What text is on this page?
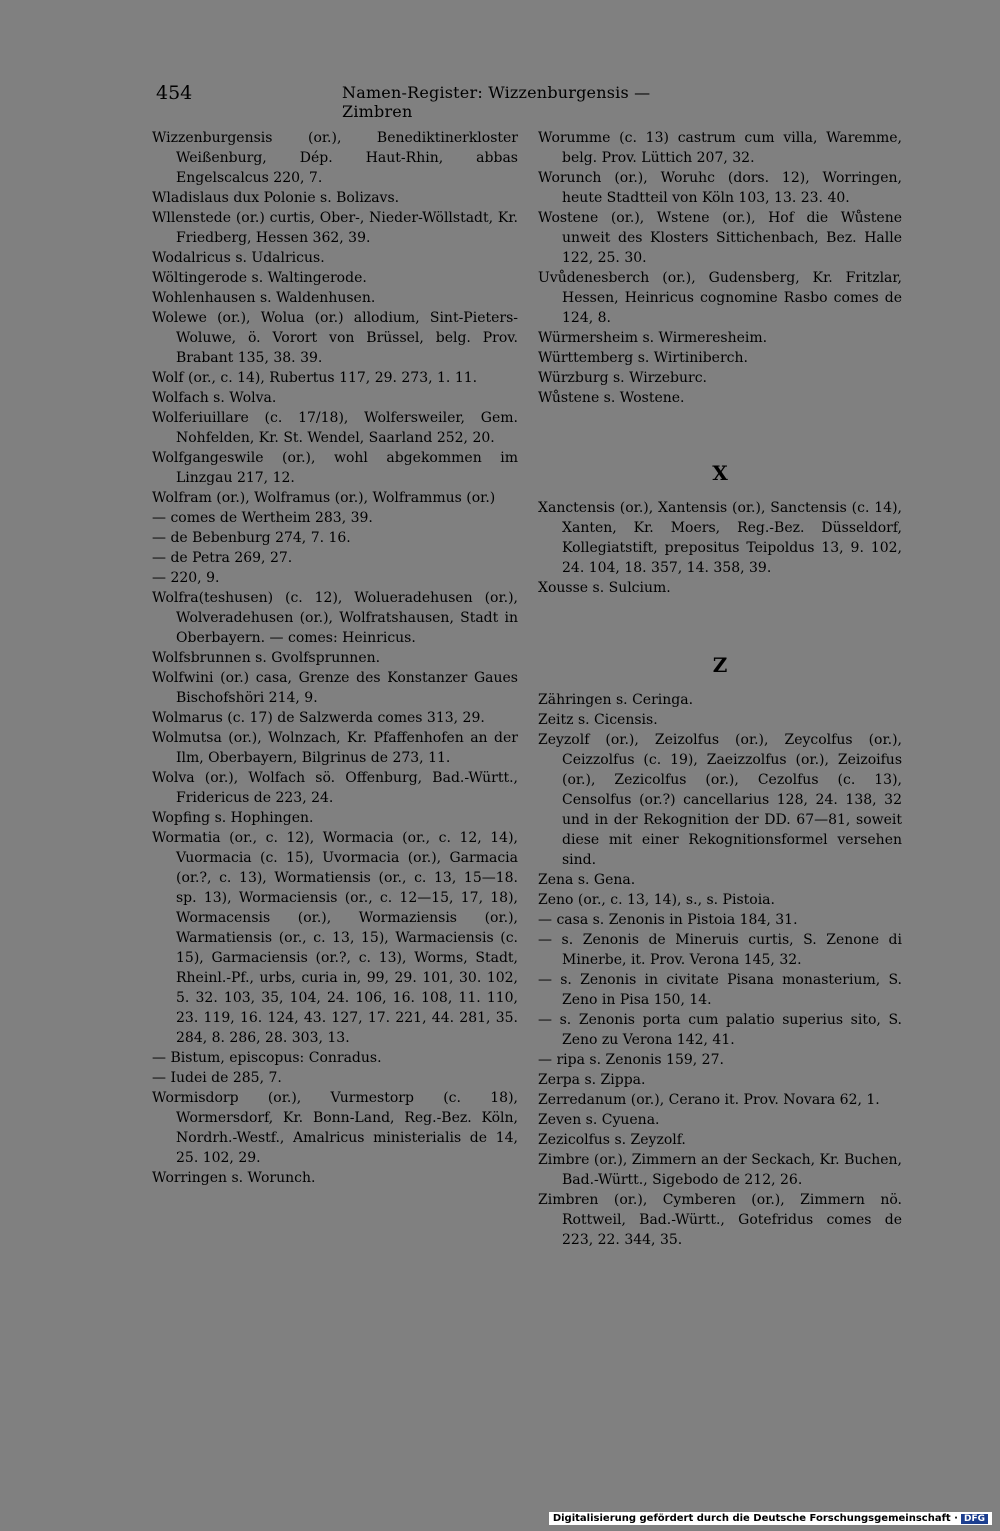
454	Namen-Register: Wizzenburgensis — Zimbren

Wizzenburgensis (or.), Benediktinerkloster Weißenburg, Dép. Haut-Rhin, abbas Engelscalcus 220, 7.

Wladislaus dux Polonie s. Bolizavs.

Wllenstede (or.) curtis, Ober-, Nieder-Wöllstadt, Kr. Friedberg, Hessen 362, 39.

Wodalricus s. Udalricus.

Wöltingerode s. Waltingerode.

Wohlenhausen s. Waldenhusen.

Wolewe (or.), Wolua (or.) allodium, Sint-Pieters-Woluwe, ö. Vorort von Brüssel, belg. Prov. Brabant 135, 38. 39.

Wolf (or., c. 14), Rubertus 117, 29. 273, 1. 11.

Wolfach s. Wolva.

Wolferiuillare (c. 17/18), Wolfersweiler, Gem. Nohfelden, Kr. St. Wendel, Saarland 252, 20.

Wolfgangeswile (or.), wohl abgekommen im Linzgau 217, 12.

Wolfram (or.), Wolframus (or.), Wolframmus (or.)

— comes de Wertheim 283, 39.

— de Bebenburg 274, 7. 16.

— de Petra 269, 27.

— 220, 9.

Wolfra(teshusen) (c. 12), Wolueradehusen (or.), Wolveradehusen (or.), Wolfratshausen, Stadt in Oberbayern. — comes: Heinricus.

Wolfsbrunnen s. Gvolfsprunnen.

Wolfwini (or.) casa, Grenze des Konstanzer Gaues Bischofshöri 214, 9.

Wolmarus (c. 17) de Salzwerda comes 313, 29.

Wolmutsa (or.), Wolnzach, Kr. Pfaffenhofen an der Ilm, Oberbayern, Bilgrinus de 273, 11.

Wolva (or.), Wolfach sö. Offenburg, Bad.-Württ., Fridericus de 223, 24.

Wopfing s. Hophingen.

Wormatia (or., c. 12), Wormacia (or., c. 12, 14), Vuormacia (c. 15), Uvormacia (or.), Garmacia (or.?, c. 13), Wormatiensis (or., c. 13, 15—18. sp. 13), Wormaciensis (or., c. 12—15, 17, 18), Wormacensis (or.), Wormaziensis (or.), Warmatiensis (or., c. 13, 15), Warmaciensis (c. 15), Garmaciensis (or.?, c. 13), Worms, Stadt, Rheinl.-Pf., urbs, curia in, 99, 29. 101, 30. 102, 5. 32. 103, 35, 104, 24. 106, 16. 108, 11. 110, 23. 119, 16. 124, 43. 127, 17. 221, 44. 281, 35. 284, 8. 286, 28. 303, 13.

— Bistum, episcopus: Conradus.

— Iudei de 285, 7.

Wormisdorp (or.), Vurmestorp (c. 18), Wormersdorf, Kr. Bonn-Land, Reg.-Bez. Köln, Nordrh.-Westf., Amalricus ministerialis de 14, 25. 102, 29.

Worringen s. Worunch.

Worumme (c. 13) castrum cum villa, Waremme, belg. Prov. Lüttich 207, 32.

Worunch (or.), Woruhc (dors. 12), Worringen, heute Stadtteil von Köln 103, 13. 23. 40.

Wostene (or.), Wstene (or.), Hof die Wůstene unweit des Klosters Sittichenbach, Bez. Halle 122, 25. 30.

Uvůdenesberch (or.), Gudensberg, Kr. Fritzlar, Hessen, Heinricus cognomine Rasbo comes de 124, 8.

Würmersheim s. Wirmeresheim.

Württemberg s. Wirtiniberch.

Würzburg s. Wirzeburc.

Wůstene s. Wostene.

X

Xanctensis (or.), Xantensis (or.), Sanctensis (c. 14), Xanten, Kr. Moers, Reg.-Bez. Düsseldorf, Kollegiatstift, prepositus Teipoldus 13, 9. 102, 24. 104, 18. 357, 14. 358, 39.

Xousse s. Sulcium.

Z

Zähringen s. Ceringa.

Zeitz s. Cicensis.

Zeyzolf (or.), Zeizolfus (or.), Zeycolfus (or.), Ceizzolfus (c. 19), Zaeizzolfus (or.), Zeizoifus (or.), Zezicolfus (or.), Cezolfus (c. 13), Censolfus (or.?) cancellarius 128, 24. 138, 32 und in der Rekognition der DD. 67—81, soweit diese mit einer Rekognitionsformel versehen sind.

Zena s. Gena.

Zeno (or., c. 13, 14), s., s. Pistoia.

— casa s. Zenonis in Pistoia 184, 31.

— s. Zenonis de Mineruis curtis, S. Zenone di Minerbe, it. Prov. Verona 145, 32.

— s. Zenonis in civitate Pisana monasterium, S. Zeno in Pisa 150, 14.

— s. Zenonis porta cum palatio superius sito, S. Zeno zu Verona 142, 41.

— ripa s. Zenonis 159, 27.

Zerpa s. Zippa.

Zerredanum (or.), Cerano it. Prov. Novara 62, 1.

Zeven s. Cyuena.

Zezicolfus s. Zeyzolf.

Zimbre (or.), Zimmern an der Seckach, Kr. Buchen, Bad.-Württ., Sigebodo de 212, 26.

Zimbren (or.), Cymberen (or.), Zimmern nö. Rottweil, Bad.-Württ., Gotefridus comes de 223, 22. 344, 35.

Digitalisierung gefördert durch die Deutsche Forschungsgemeinschaft · DFG
